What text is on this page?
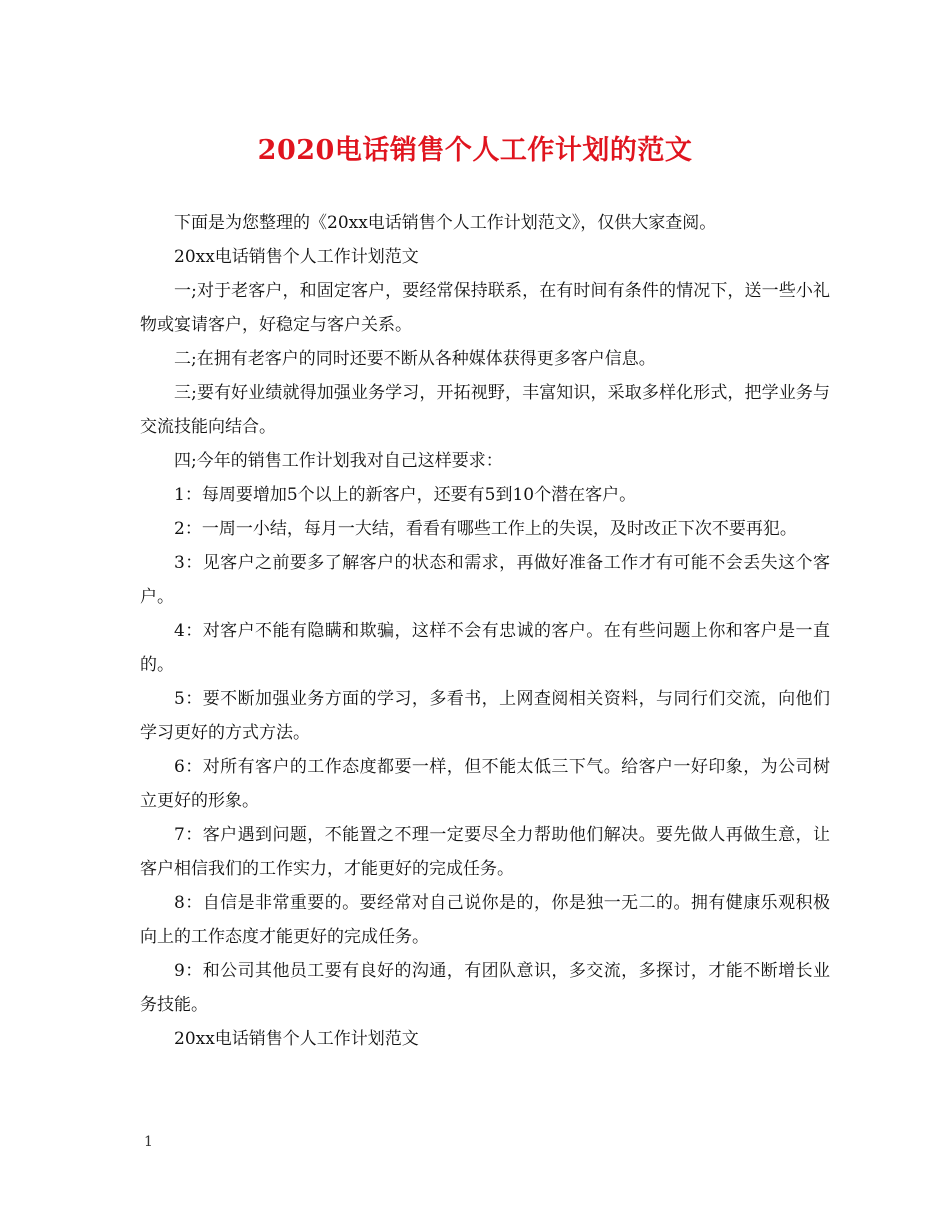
2020电话销售个人工作计划的范文

下面是为您整理的《20xx电话销售个人工作计划范文》，仅供大家查阅。

20xx电话销售个人工作计划范文

一;对于老客户，和固定客户，要经常保持联系，在有时间有条件的情况下，送一些小礼物或宴请客户，好稳定与客户关系。

二;在拥有老客户的同时还要不断从各种媒体获得更多客户信息。

三;要有好业绩就得加强业务学习，开拓视野，丰富知识，采取多样化形式，把学业务与交流技能向结合。

四;今年的销售工作计划我对自己这样要求：

1：每周要增加5个以上的新客户，还要有5到10个潜在客户。

2：一周一小结，每月一大结，看看有哪些工作上的失误，及时改正下次不要再犯。

3：见客户之前要多了解客户的状态和需求，再做好准备工作才有可能不会丢失这个客户。

4：对客户不能有隐瞒和欺骗，这样不会有忠诚的客户。在有些问题上你和客户是一直的。

5：要不断加强业务方面的学习，多看书，上网查阅相关资料，与同行们交流，向他们学习更好的方式方法。

6：对所有客户的工作态度都要一样，但不能太低三下气。给客户一好印象，为公司树立更好的形象。

7：客户遇到问题，不能置之不理一定要尽全力帮助他们解决。要先做人再做生意，让客户相信我们的工作实力，才能更好的完成任务。

8：自信是非常重要的。要经常对自己说你是的，你是独一无二的。拥有健康乐观积极向上的工作态度才能更好的完成任务。

9：和公司其他员工要有良好的沟通，有团队意识，多交流，多探讨，才能不断增长业务技能。

20xx电话销售个人工作计划范文

1
